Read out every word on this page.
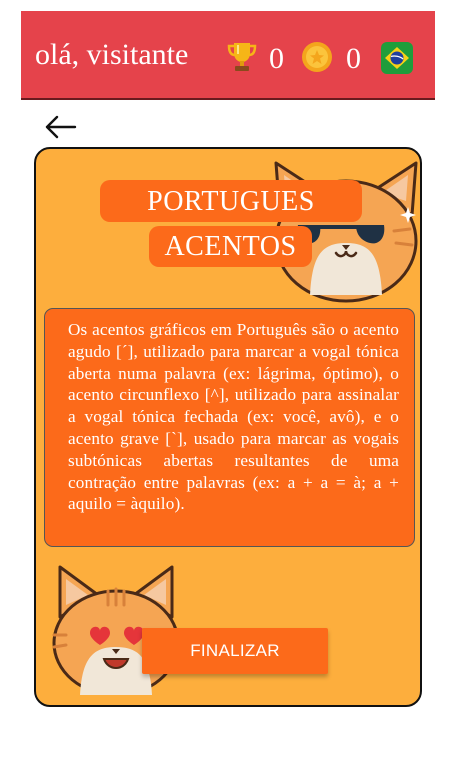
olá, visitante	0 0
PORTUGUES
ACENTOS

Os acentos gráficos em Português são o acento agudo [´], utilizado para marcar a vogal tónica aberta numa palavra (ex: lágrima, óptimo), o acento circunflexo [^], utilizado para assinalar a vogal tónica fechada (ex: você, avô), e o acento grave [`], usado para marcar as vogais subtónicas abertas resultantes de uma contração entre palavras (ex: a + a = à; a + aquilo = àquilo).

FINALIZAR
